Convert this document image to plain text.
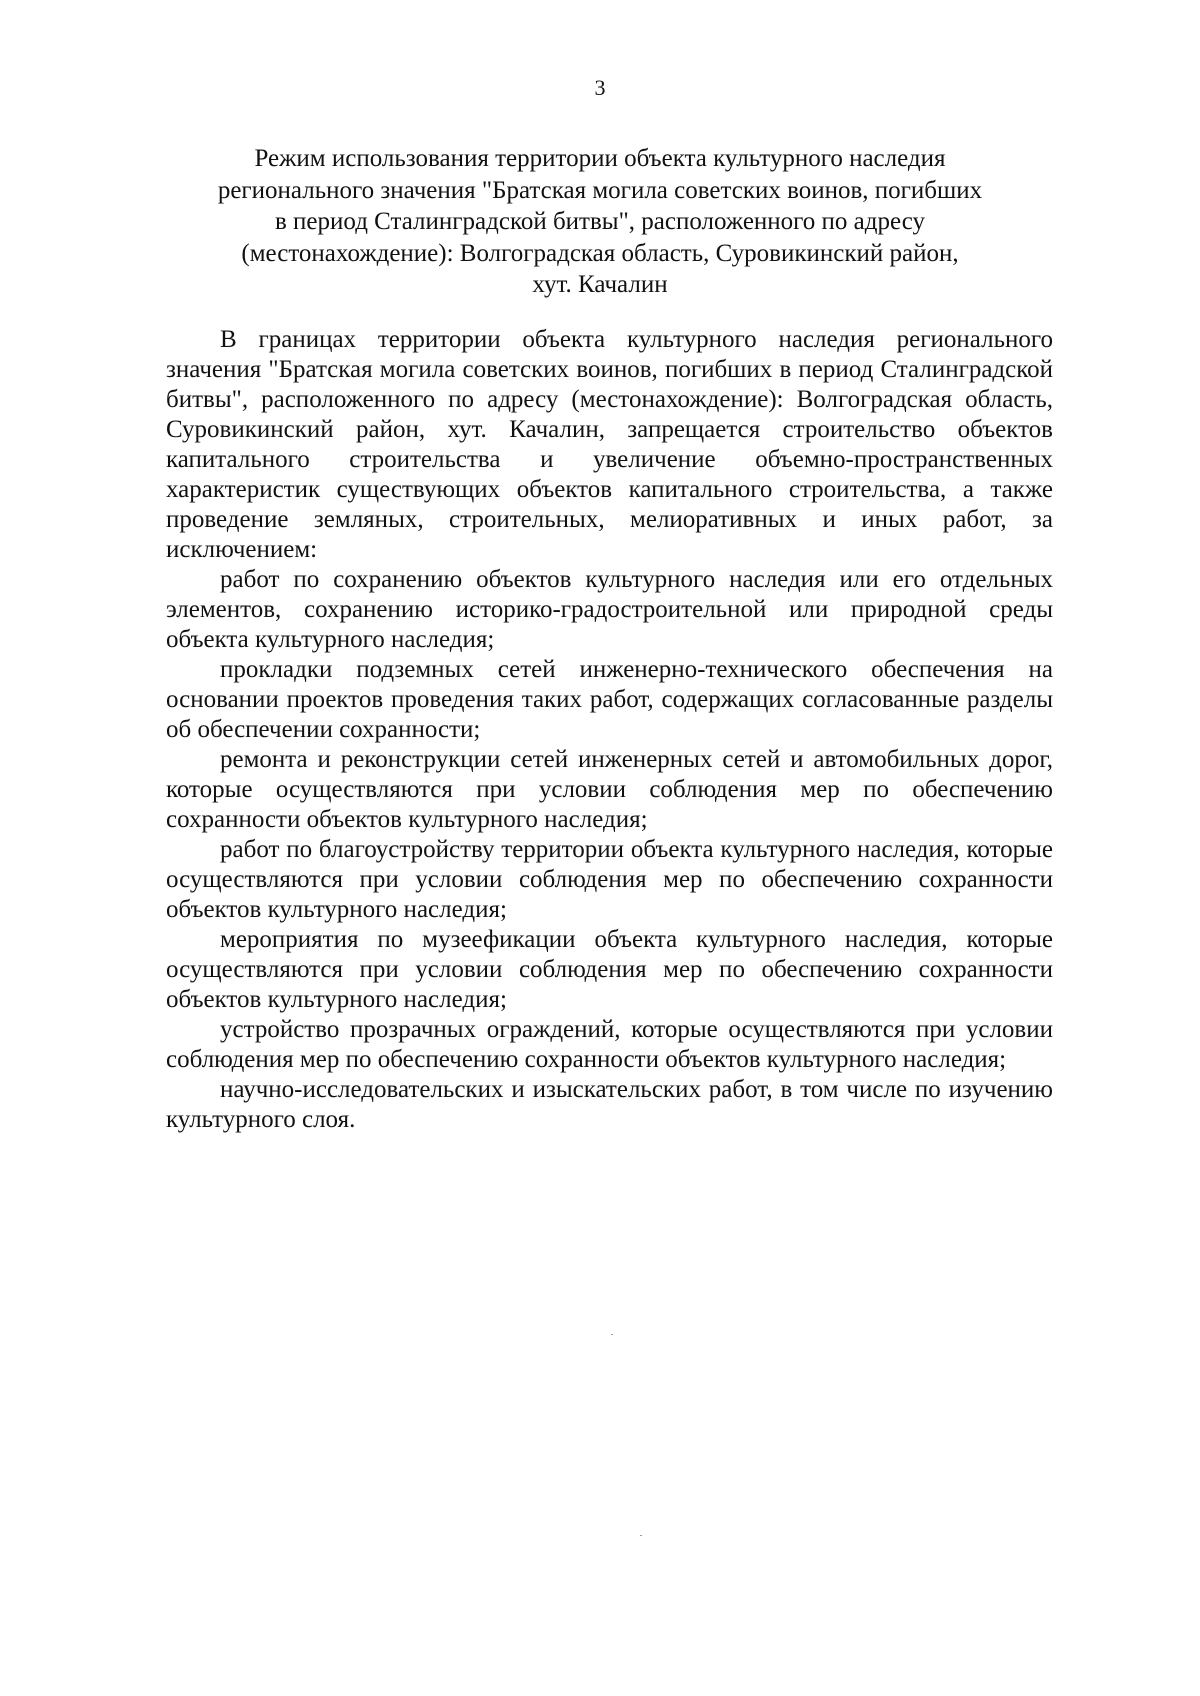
3
Режим использования территории объекта культурного наследия
регионального значения "Братская могила советских воинов, погибших
в период Сталинградской битвы", расположенного по адресу
(местонахождение): Волгоградская область, Суровикинский район,
хут. Качалин

В границах территории объекта культурного наследия регионального значения "Братская могила советских воинов, погибших в период Сталинградской битвы", расположенного по адресу (местонахождение): Волгоградская область, Суровикинский район, хут. Качалин, запрещается строительство объектов капитального строительства и увеличение объемно-пространственных характеристик существующих объектов капитального строительства, а также проведение земляных, строительных, мелиоративных и иных работ, за исключением:

работ по сохранению объектов культурного наследия или его отдельных элементов, сохранению историко-градостроительной или природной среды объекта культурного наследия;

прокладки подземных сетей инженерно-технического обеспечения на основании проектов проведения таких работ, содержащих согласованные разделы об обеспечении сохранности;

ремонта и реконструкции сетей инженерных сетей и автомобильных дорог, которые осуществляются при условии соблюдения мер по обеспечению сохранности объектов культурного наследия;

работ по благоустройству территории объекта культурного наследия, которые осуществляются при условии соблюдения мер по обеспечению сохранности объектов культурного наследия;

мероприятия по музеефикации объекта культурного наследия, которые осуществляются при условии соблюдения мер по обеспечению сохранности объектов культурного наследия;

устройство прозрачных ограждений, которые осуществляются при условии соблюдения мер по обеспечению сохранности объектов культурного наследия;

научно-исследовательских и изыскательских работ, в том числе по изучению культурного слоя.
